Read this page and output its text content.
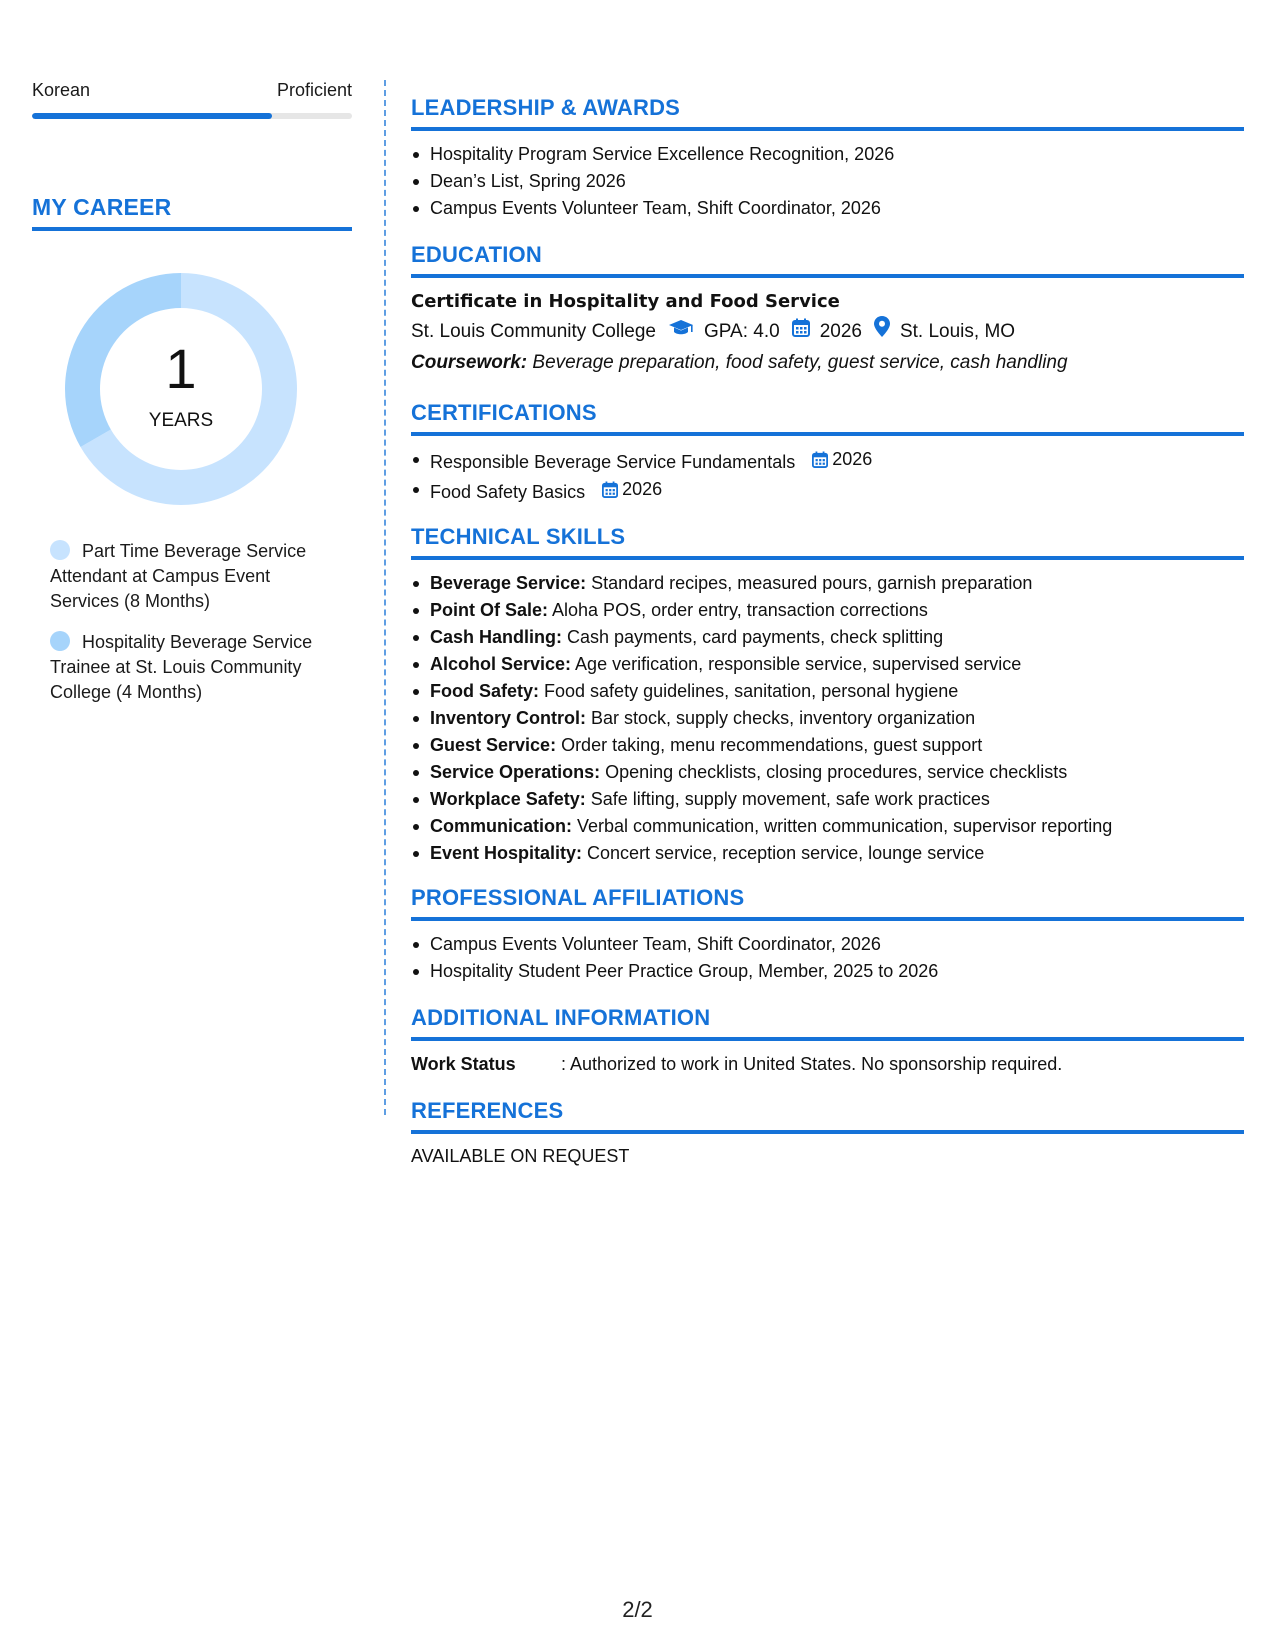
Korean	Proficient
MY CAREER
1
YEARS
Part Time Beverage Service Attendant at Campus Event Services (8 Months)
Hospitality Beverage Service Trainee at St. Louis Community College (4 Months)
LEADERSHIP & AWARDS
Hospitality Program Service Excellence Recognition, 2026
Dean’s List, Spring 2026
Campus Events Volunteer Team, Shift Coordinator, 2026
EDUCATION
Certificate in Hospitality and Food Service
St. Louis Community College	GPA: 4.0 2026 St. Louis, MO
Coursework: Beverage preparation, food safety, guest service, cash handling
CERTIFICATIONS
Responsible Beverage Service Fundamentals 2026
Food Safety Basics 2026
TECHNICAL SKILLS
Beverage Service: Standard recipes, measured pours, garnish preparation
Point Of Sale: Aloha POS, order entry, transaction corrections
Cash Handling: Cash payments, card payments, check splitting
Alcohol Service: Age verification, responsible service, supervised service
Food Safety: Food safety guidelines, sanitation, personal hygiene
Inventory Control: Bar stock, supply checks, inventory organization
Guest Service: Order taking, menu recommendations, guest support
Service Operations: Opening checklists, closing procedures, service checklists
Workplace Safety: Safe lifting, supply movement, safe work practices
Communication: Verbal communication, written communication, supervisor reporting
Event Hospitality: Concert service, reception service, lounge service
PROFESSIONAL AFFILIATIONS
Campus Events Volunteer Team, Shift Coordinator, 2026
Hospitality Student Peer Practice Group, Member, 2025 to 2026
ADDITIONAL INFORMATION
Work Status	: Authorized to work in United States. No sponsorship required.
REFERENCES
AVAILABLE ON REQUEST
2/2
